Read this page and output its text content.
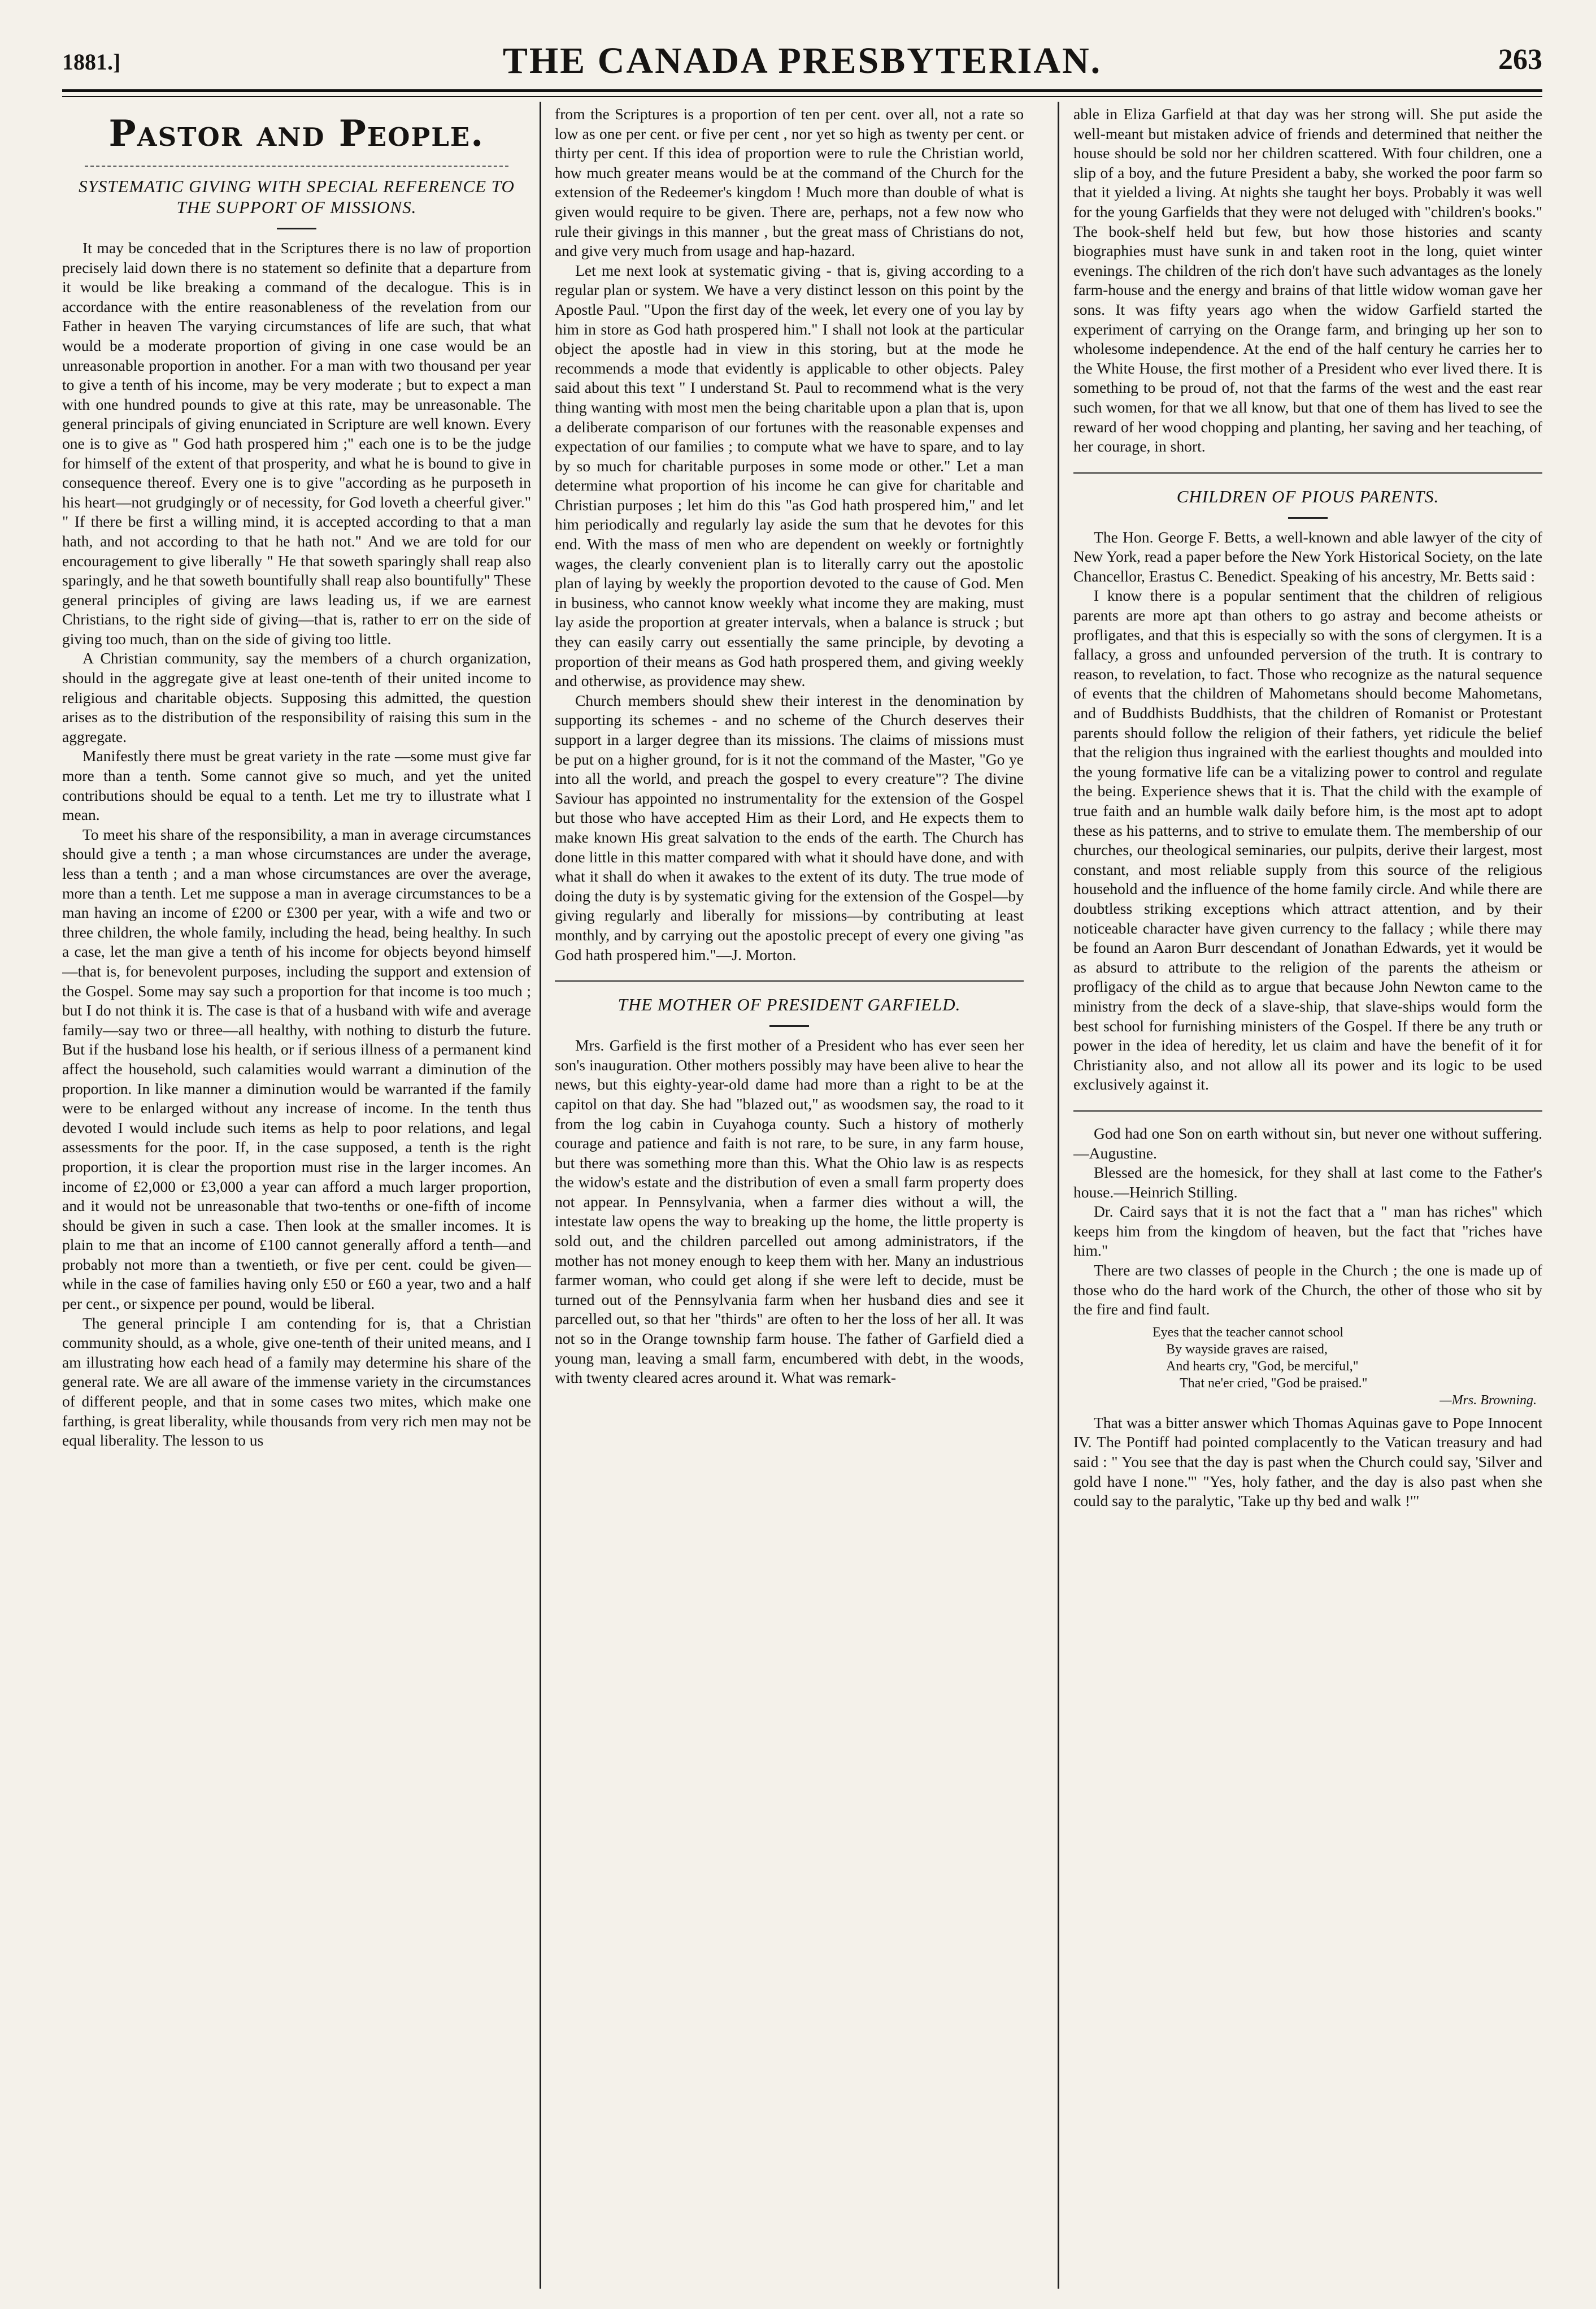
1881.]	THE CANADA PRESBYTERIAN.	263
Pastor and People.
SYSTEMATIC GIVING WITH SPECIAL REFERENCE TO THE SUPPORT OF MISSIONS.

It may be conceded that in the Scriptures there is no law of proportion precisely laid down there is no statement so definite that a departure from it would be like breaking a command of the decalogue. This is in accordance with the entire reasonableness of the revelation from our Father in heaven The varying circumstances of life are such, that what would be a moderate proportion of giving in one case would be an unreasonable proportion in another. For a man with two thousand per year to give a tenth of his income, may be very moderate ; but to expect a man with one hundred pounds to give at this rate, may be unreasonable. The general principals of giving enunciated in Scripture are well known. Every one is to give as " God hath prospered him ;" each one is to be the judge for himself of the extent of that prosperity, and what he is bound to give in consequence thereof. Every one is to give "according as he purposeth in his heart—not grudgingly or of necessity, for God loveth a cheerful giver." " If there be first a willing mind, it is accepted according to that a man hath, and not according to that he hath not." And we are told for our encouragement to give liberally " He that soweth sparingly shall reap also sparingly, and he that soweth bountifully shall reap also bountifully" These general principles of giving are laws leading us, if we are earnest Christians, to the right side of giving—that is, rather to err on the side of giving too much, than on the side of giving too little.

A Christian community, say the members of a church organization, should in the aggregate give at least one-tenth of their united income to religious and charitable objects. Supposing this admitted, the question arises as to the distribution of the responsibility of raising this sum in the aggregate.

Manifestly there must be great variety in the rate —some must give far more than a tenth. Some cannot give so much, and yet the united contributions should be equal to a tenth. Let me try to illustrate what I mean.

To meet his share of the responsibility, a man in average circumstances should give a tenth ; a man whose circumstances are under the average, less than a tenth ; and a man whose circumstances are over the average, more than a tenth. Let me suppose a man in average circumstances to be a man having an income of £200 or £300 per year, with a wife and two or three children, the whole family, including the head, being healthy. In such a case, let the man give a tenth of his income for objects beyond himself —that is, for benevolent purposes, including the support and extension of the Gospel. Some may say such a proportion for that income is too much ; but I do not think it is. The case is that of a husband with wife and average family—say two or three—all healthy, with nothing to disturb the future. But if the husband lose his health, or if serious illness of a permanent kind affect the household, such calamities would warrant a diminution of the proportion. In like manner a diminution would be warranted if the family were to be enlarged without any increase of income. In the tenth thus devoted I would include such items as help to poor relations, and legal assessments for the poor. If, in the case supposed, a tenth is the right proportion, it is clear the proportion must rise in the larger incomes. An income of £2,000 or £3,000 a year can afford a much larger proportion, and it would not be unreasonable that two-tenths or one-fifth of income should be given in such a case. Then look at the smaller incomes. It is plain to me that an income of £100 cannot generally afford a tenth—and probably not more than a twentieth, or five per cent. could be given—while in the case of families having only £50 or £60 a year, two and a half per cent., or sixpence per pound, would be liberal.

The general principle I am contending for is, that a Christian community should, as a whole, give one-tenth of their united means, and I am illustrating how each head of a family may determine his share of the general rate. We are all aware of the immense variety in the circumstances of different people, and that in some cases two mites, which make one farthing, is great liberality, while thousands from very rich men may not be equal liberality. The lesson to us

from the Scriptures is a proportion of ten per cent. over all, not a rate so low as one per cent. or five per cent , nor yet so high as twenty per cent. or thirty per cent. If this idea of proportion were to rule the Christian world, how much greater means would be at the command of the Church for the extension of the Redeemer's kingdom ! Much more than double of what is given would require to be given. There are, perhaps, not a few now who rule their givings in this manner , but the great mass of Christians do not, and give very much from usage and hap-hazard.

Let me next look at systematic giving - that is, giving according to a regular plan or system. We have a very distinct lesson on this point by the Apostle Paul. "Upon the first day of the week, let every one of you lay by him in store as God hath prospered him." I shall not look at the particular object the apostle had in view in this storing, but at the mode he recommends a mode that evidently is applicable to other objects. Paley said about this text " I understand St. Paul to recommend what is the very thing wanting with most men the being charitable upon a plan that is, upon a deliberate comparison of our fortunes with the reasonable expenses and expectation of our families ; to compute what we have to spare, and to lay by so much for charitable purposes in some mode or other." Let a man determine what proportion of his income he can give for charitable and Christian purposes ; let him do this "as God hath prospered him," and let him periodically and regularly lay aside the sum that he devotes for this end. With the mass of men who are dependent on weekly or fortnightly wages, the clearly convenient plan is to literally carry out the apostolic plan of laying by weekly the proportion devoted to the cause of God. Men in business, who cannot know weekly what income they are making, must lay aside the proportion at greater intervals, when a balance is struck ; but they can easily carry out essentially the same principle, by devoting a proportion of their means as God hath prospered them, and giving weekly and otherwise, as providence may shew.

Church members should shew their interest in the denomination by supporting its schemes - and no scheme of the Church deserves their support in a larger degree than its missions. The claims of missions must be put on a higher ground, for is it not the command of the Master, "Go ye into all the world, and preach the gospel to every creature"? The divine Saviour has appointed no instrumentality for the extension of the Gospel but those who have accepted Him as their Lord, and He expects them to make known His great salvation to the ends of the earth. The Church has done little in this matter compared with what it should have done, and with what it shall do when it awakes to the extent of its duty. The true mode of doing the duty is by systematic giving for the extension of the Gospel—by giving regularly and liberally for missions—by contributing at least monthly, and by carrying out the apostolic precept of every one giving "as God hath prospered him."—J. Morton.

THE MOTHER OF PRESIDENT GARFIELD.

Mrs. Garfield is the first mother of a President who has ever seen her son's inauguration. Other mothers possibly may have been alive to hear the news, but this eighty-year-old dame had more than a right to be at the capitol on that day. She had "blazed out," as woodsmen say, the road to it from the log cabin in Cuyahoga county. Such a history of motherly courage and patience and faith is not rare, to be sure, in any farm house, but there was something more than this. What the Ohio law is as respects the widow's estate and the distribution of even a small farm property does not appear. In Pennsylvania, when a farmer dies without a will, the intestate law opens the way to breaking up the home, the little property is sold out, and the children parcelled out among administrators, if the mother has not money enough to keep them with her. Many an industrious farmer woman, who could get along if she were left to decide, must be turned out of the Pennsylvania farm when her husband dies and see it parcelled out, so that her "thirds" are often to her the loss of her all. It was not so in the Orange township farm house. The father of Garfield died a young man, leaving a small farm, encumbered with debt, in the woods, with twenty cleared acres around it. What was remark-

able in Eliza Garfield at that day was her strong will. She put aside the well-meant but mistaken advice of friends and determined that neither the house should be sold nor her children scattered. With four children, one a slip of a boy, and the future President a baby, she worked the poor farm so that it yielded a living. At nights she taught her boys. Probably it was well for the young Garfields that they were not deluged with "children's books." The book-shelf held but few, but how those histories and scanty biographies must have sunk in and taken root in the long, quiet winter evenings. The children of the rich don't have such advantages as the lonely farm-house and the energy and brains of that little widow woman gave her sons. It was fifty years ago when the widow Garfield started the experiment of carrying on the Orange farm, and bringing up her son to wholesome independence. At the end of the half century he carries her to the White House, the first mother of a President who ever lived there. It is something to be proud of, not that the farms of the west and the east rear such women, for that we all know, but that one of them has lived to see the reward of her wood chopping and planting, her saving and her teaching, of her courage, in short.

CHILDREN OF PIOUS PARENTS.

The Hon. George F. Betts, a well-known and able lawyer of the city of New York, read a paper before the New York Historical Society, on the late Chancellor, Erastus C. Benedict. Speaking of his ancestry, Mr. Betts said :

I know there is a popular sentiment that the children of religious parents are more apt than others to go astray and become atheists or profligates, and that this is especially so with the sons of clergymen. It is a fallacy, a gross and unfounded perversion of the truth. It is contrary to reason, to revelation, to fact. Those who recognize as the natural sequence of events that the children of Mahometans should become Mahometans, and of Buddhists Buddhists, that the children of Romanist or Protestant parents should follow the religion of their fathers, yet ridicule the belief that the religion thus ingrained with the earliest thoughts and moulded into the young formative life can be a vitalizing power to control and regulate the being. Experience shews that it is. That the child with the example of true faith and an humble walk daily before him, is the most apt to adopt these as his patterns, and to strive to emulate them. The membership of our churches, our theological seminaries, our pulpits, derive their largest, most constant, and most reliable supply from this source of the religious household and the influence of the home family circle. And while there are doubtless striking exceptions which attract attention, and by their noticeable character have given currency to the fallacy ; while there may be found an Aaron Burr descendant of Jonathan Edwards, yet it would be as absurd to attribute to the religion of the parents the atheism or profligacy of the child as to argue that because John Newton came to the ministry from the deck of a slave-ship, that slave-ships would form the best school for furnishing ministers of the Gospel. If there be any truth or power in the idea of heredity, let us claim and have the benefit of it for Christianity also, and not allow all its power and its logic to be used exclusively against it.

God had one Son on earth without sin, but never one without suffering.—Augustine.

Blessed are the homesick, for they shall at last come to the Father's house.—Heinrich Stilling.

Dr. Caird says that it is not the fact that a " man has riches" which keeps him from the kingdom of heaven, but the fact that "riches have him."

There are two classes of people in the Church ; the one is made up of those who do the hard work of the Church, the other of those who sit by the fire and find fault.

Eyes that the teacher cannot school
By wayside graves are raised,
And hearts cry, "God, be merciful,"
That ne'er cried, "God be praised."
—Mrs. Browning.

That was a bitter answer which Thomas Aquinas gave to Pope Innocent IV. The Pontiff had pointed complacently to the Vatican treasury and had said : " You see that the day is past when the Church could say, 'Silver and gold have I none.'" "Yes, holy father, and the day is also past when she could say to the paralytic, 'Take up thy bed and walk !'"
